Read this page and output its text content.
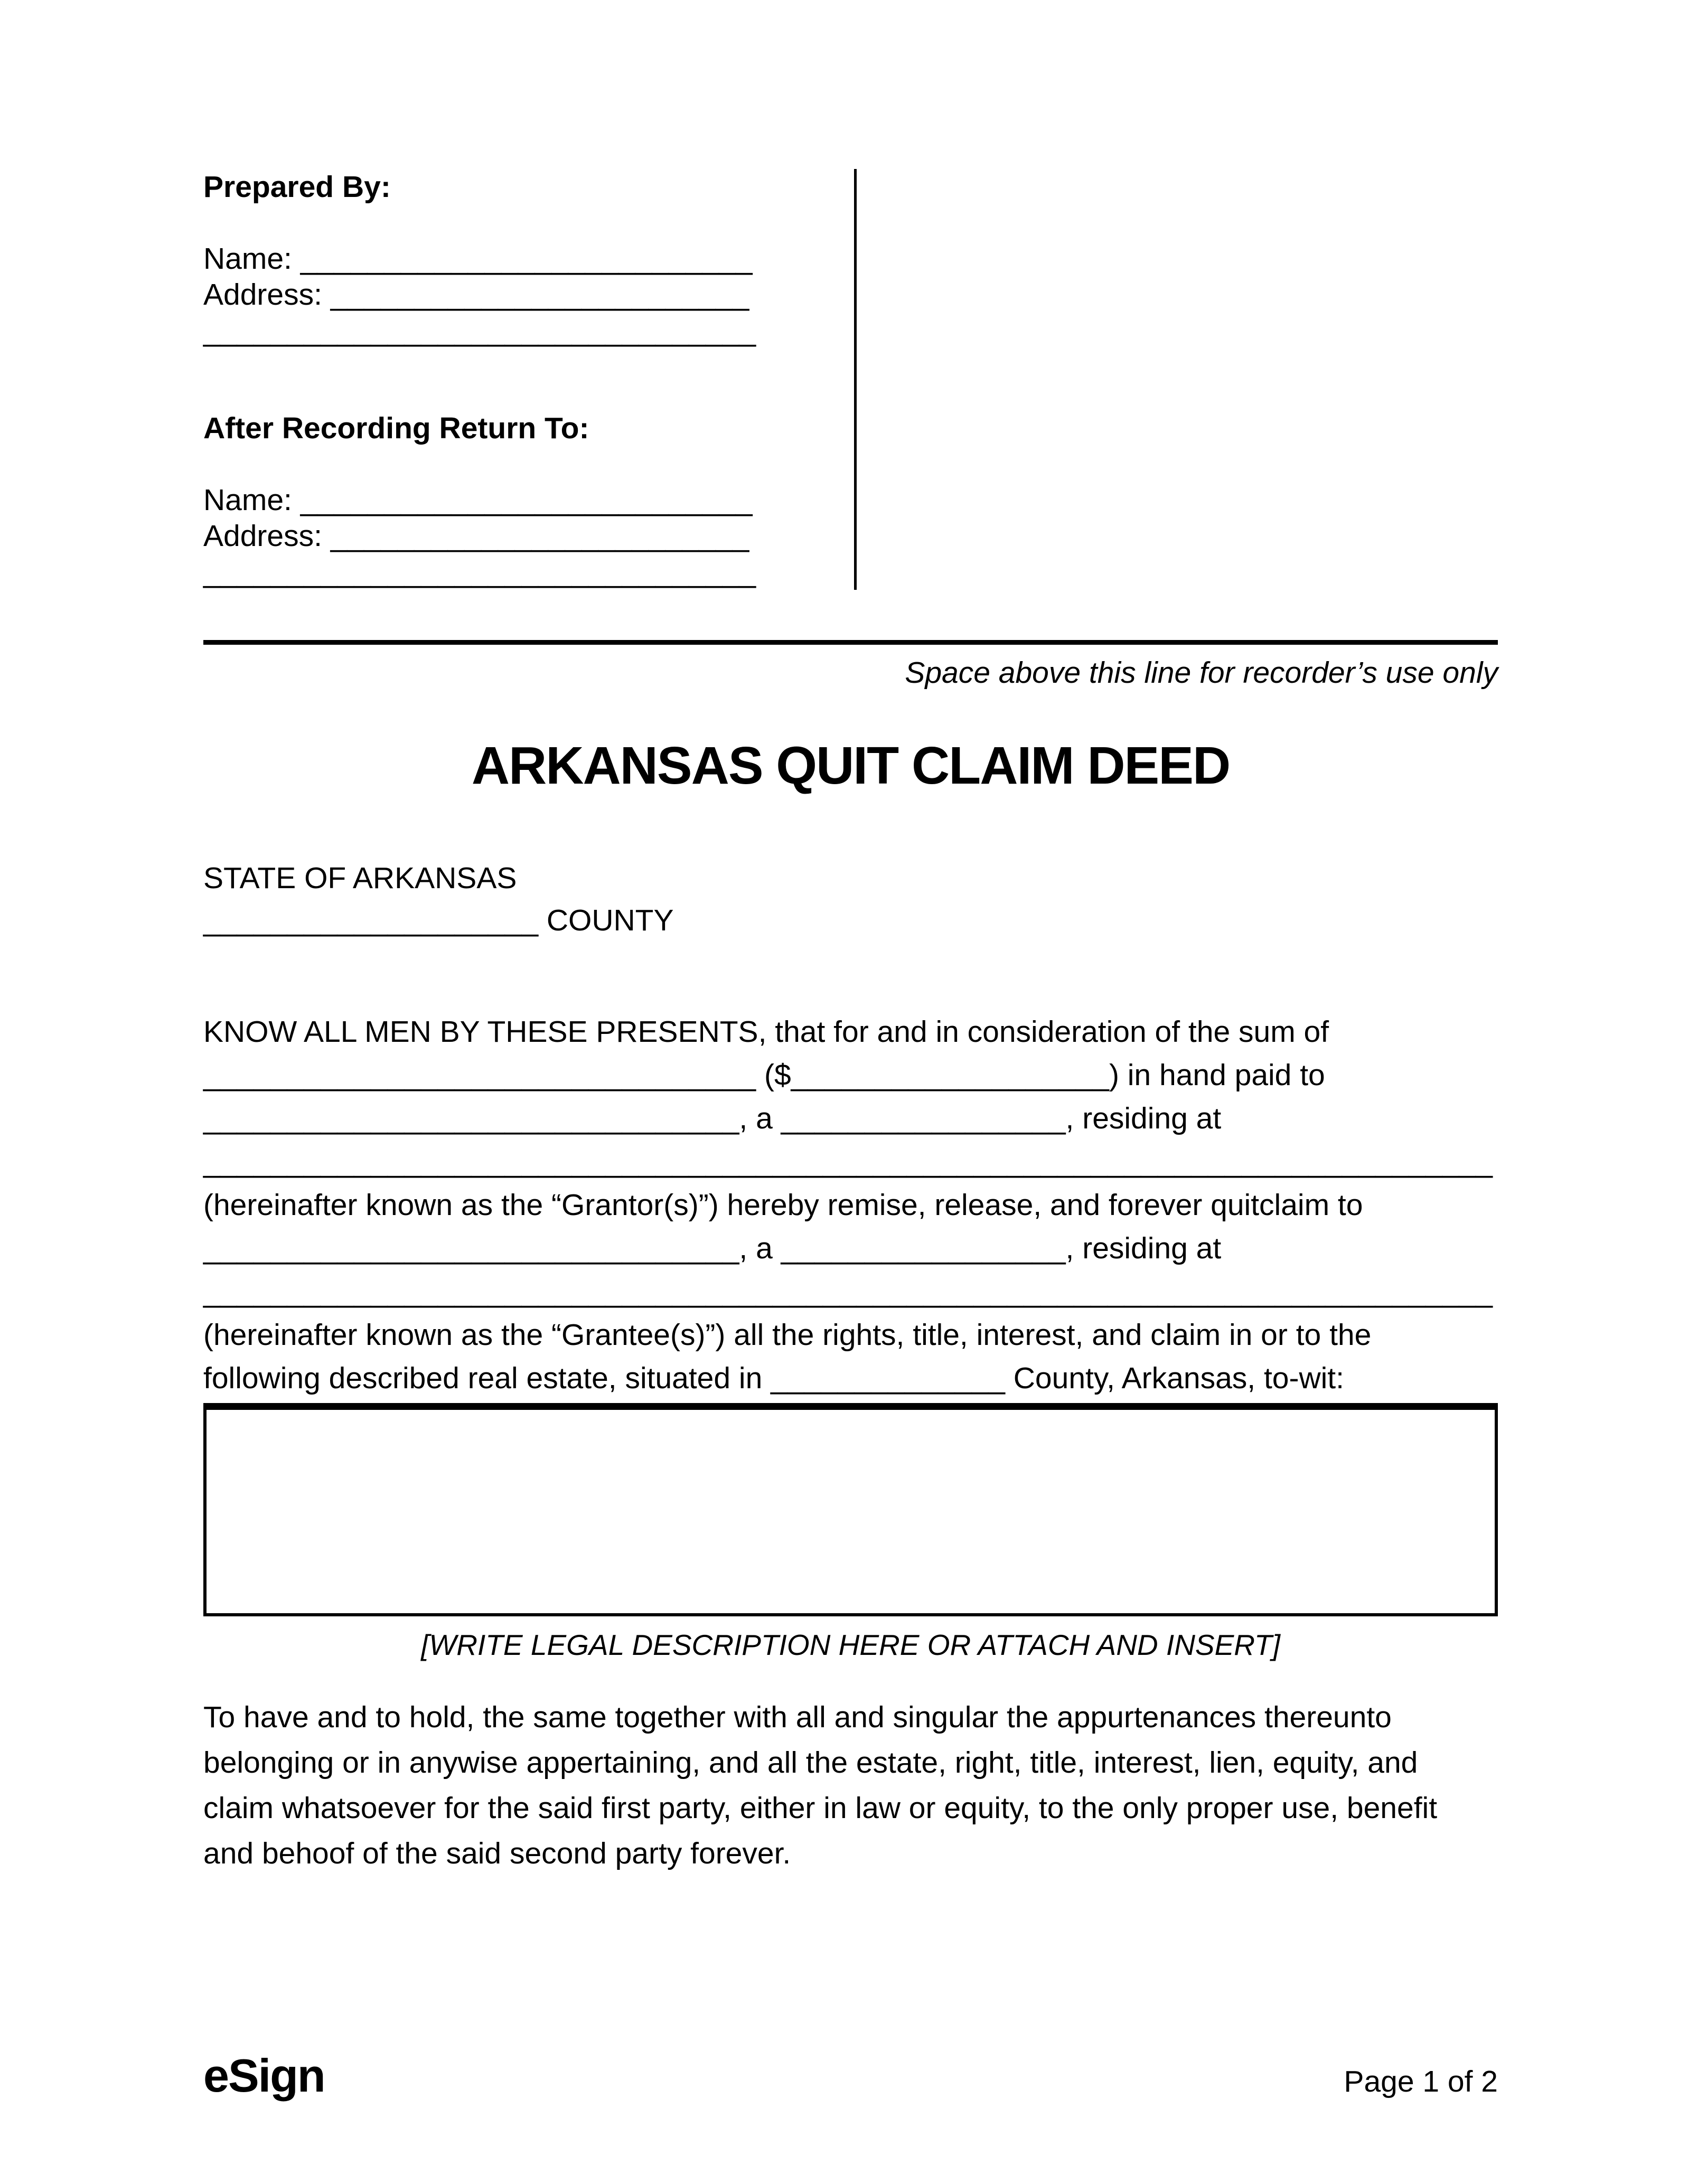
Prepared By:
Name: ___________________________
Address: _________________________
_________________________________
After Recording Return To:
Name: ___________________________
Address: _________________________
_________________________________
Space above this line for recorder’s use only
ARKANSAS QUIT CLAIM DEED
STATE OF ARKANSAS
____________________ COUNTY
KNOW ALL MEN BY THESE PRESENTS, that for and in consideration of the sum of
_________________________________ ($___________________) in hand paid to
________________________________, a _________________, residing at
_____________________________________________________________________________
(hereinafter known as the “Grantor(s)”) hereby remise, release, and forever quitclaim to
________________________________, a _________________, residing at
_____________________________________________________________________________
(hereinafter known as the “Grantee(s)”) all the rights, title, interest, and claim in or to the
following described real estate, situated in ______________ County, Arkansas, to-wit:
[WRITE LEGAL DESCRIPTION HERE OR ATTACH AND INSERT]
To have and to hold, the same together with all and singular the appurtenances thereunto
belonging or in anywise appertaining, and all the estate, right, title, interest, lien, equity, and
claim whatsoever for the said first party, either in law or equity, to the only proper use, benefit
and behoof of the said second party forever.
eSign	Page 1 of 2
